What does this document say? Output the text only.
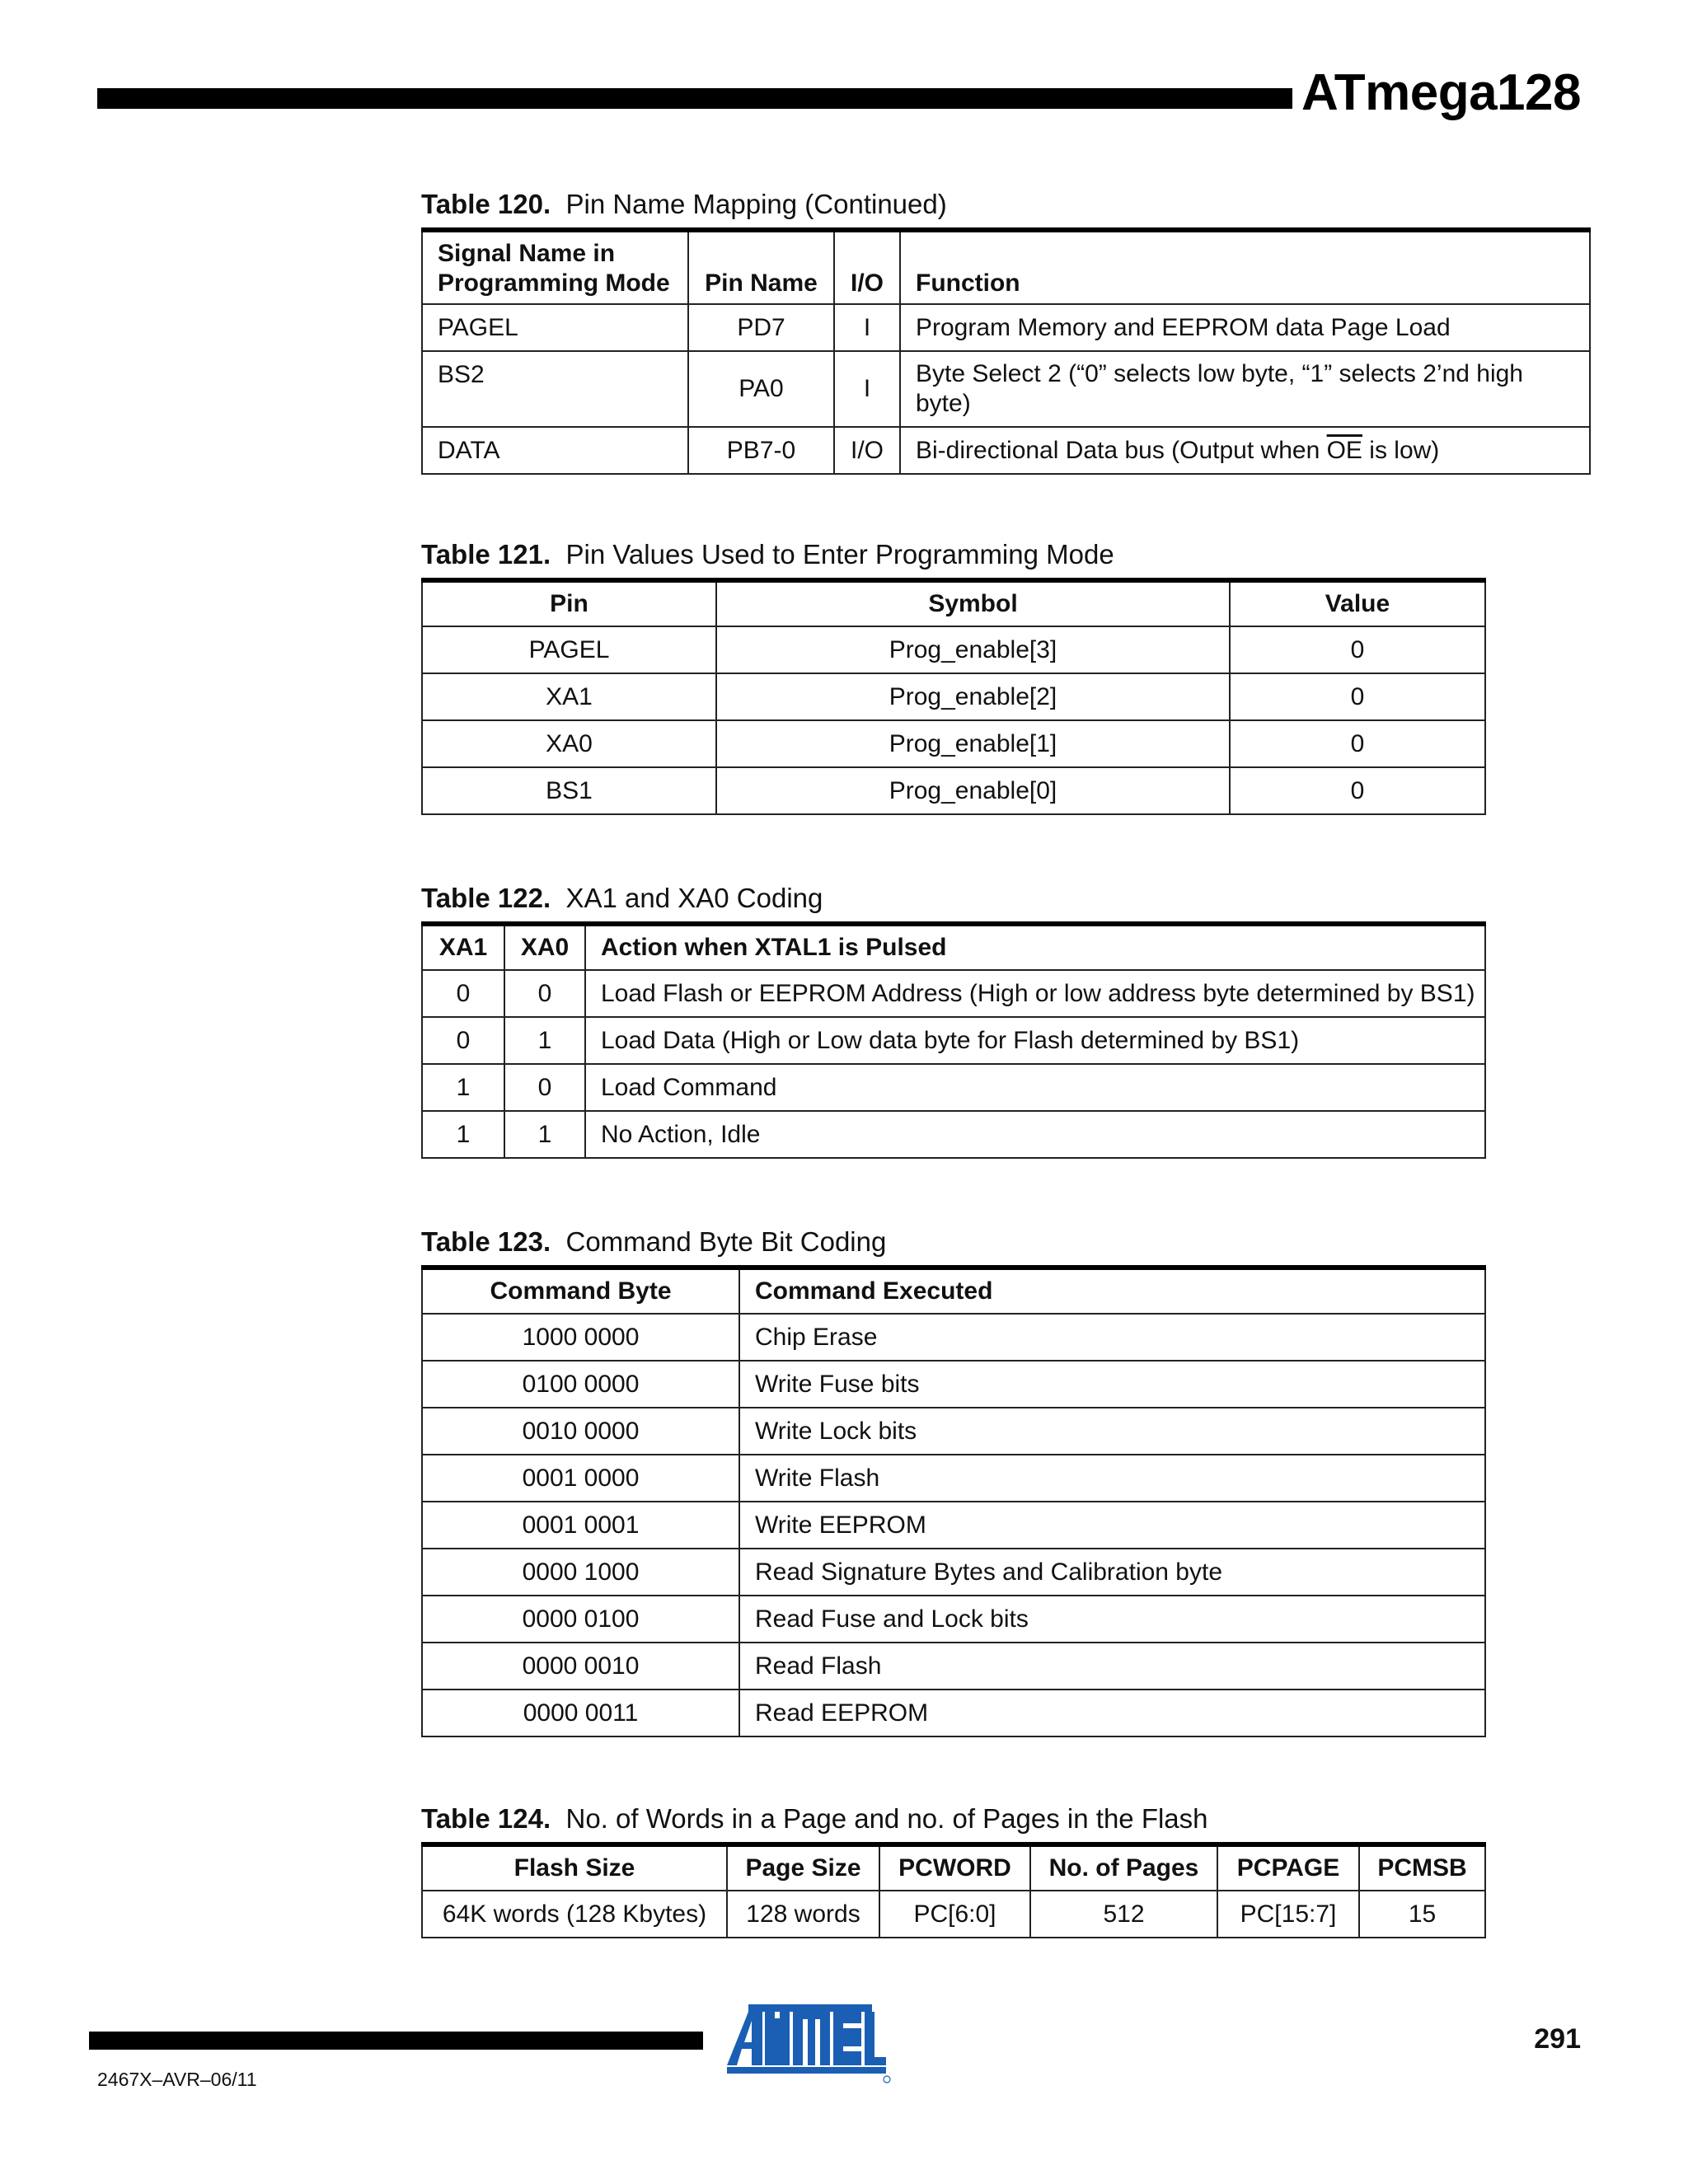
ATmega128
Table 120. Pin Name Mapping (Continued)
Signal Name in Programming Mode	Pin Name	I/O	Function
PAGEL	PD7	I	Program Memory and EEPROM data Page Load
BS2	PA0	I	Byte Select 2 (“0” selects low byte, “1” selects 2’nd high byte)
DATA	PB7-0	I/O	Bi-directional Data bus (Output when $\overline{OE}$ is low)
Table 121. Pin Values Used to Enter Programming Mode
Pin	Symbol	Value
PAGEL	Prog_enable[3]	0
XA1	Prog_enable[2]	0
XA0	Prog_enable[1]	0
BS1	Prog_enable[0]	0
Table 122. XA1 and XA0 Coding
XA1	XA0	Action when XTAL1 is Pulsed
0	0	Load Flash or EEPROM Address (High or low address byte determined by BS1)
0	1	Load Data (High or Low data byte for Flash determined by BS1)
1	0	Load Command
1	1	No Action, Idle
Table 123. Command Byte Bit Coding
Command Byte	Command Executed
1000 0000	Chip Erase
0100 0000	Write Fuse bits
0010 0000	Write Lock bits
0001 0000	Write Flash
0001 0001	Write EEPROM
0000 1000	Read Signature Bytes and Calibration byte
0000 0100	Read Fuse and Lock bits
0000 0010	Read Flash
0000 0011	Read EEPROM
Table 124. No. of Words in a Page and no. of Pages in the Flash
Flash Size	Page Size	PCWORD	No. of Pages	PCPAGE	PCMSB
64K words (128 Kbytes)	128 words	PC[6:0]	512	PC[15:7]	15
2467X–AVR–06/11
291
